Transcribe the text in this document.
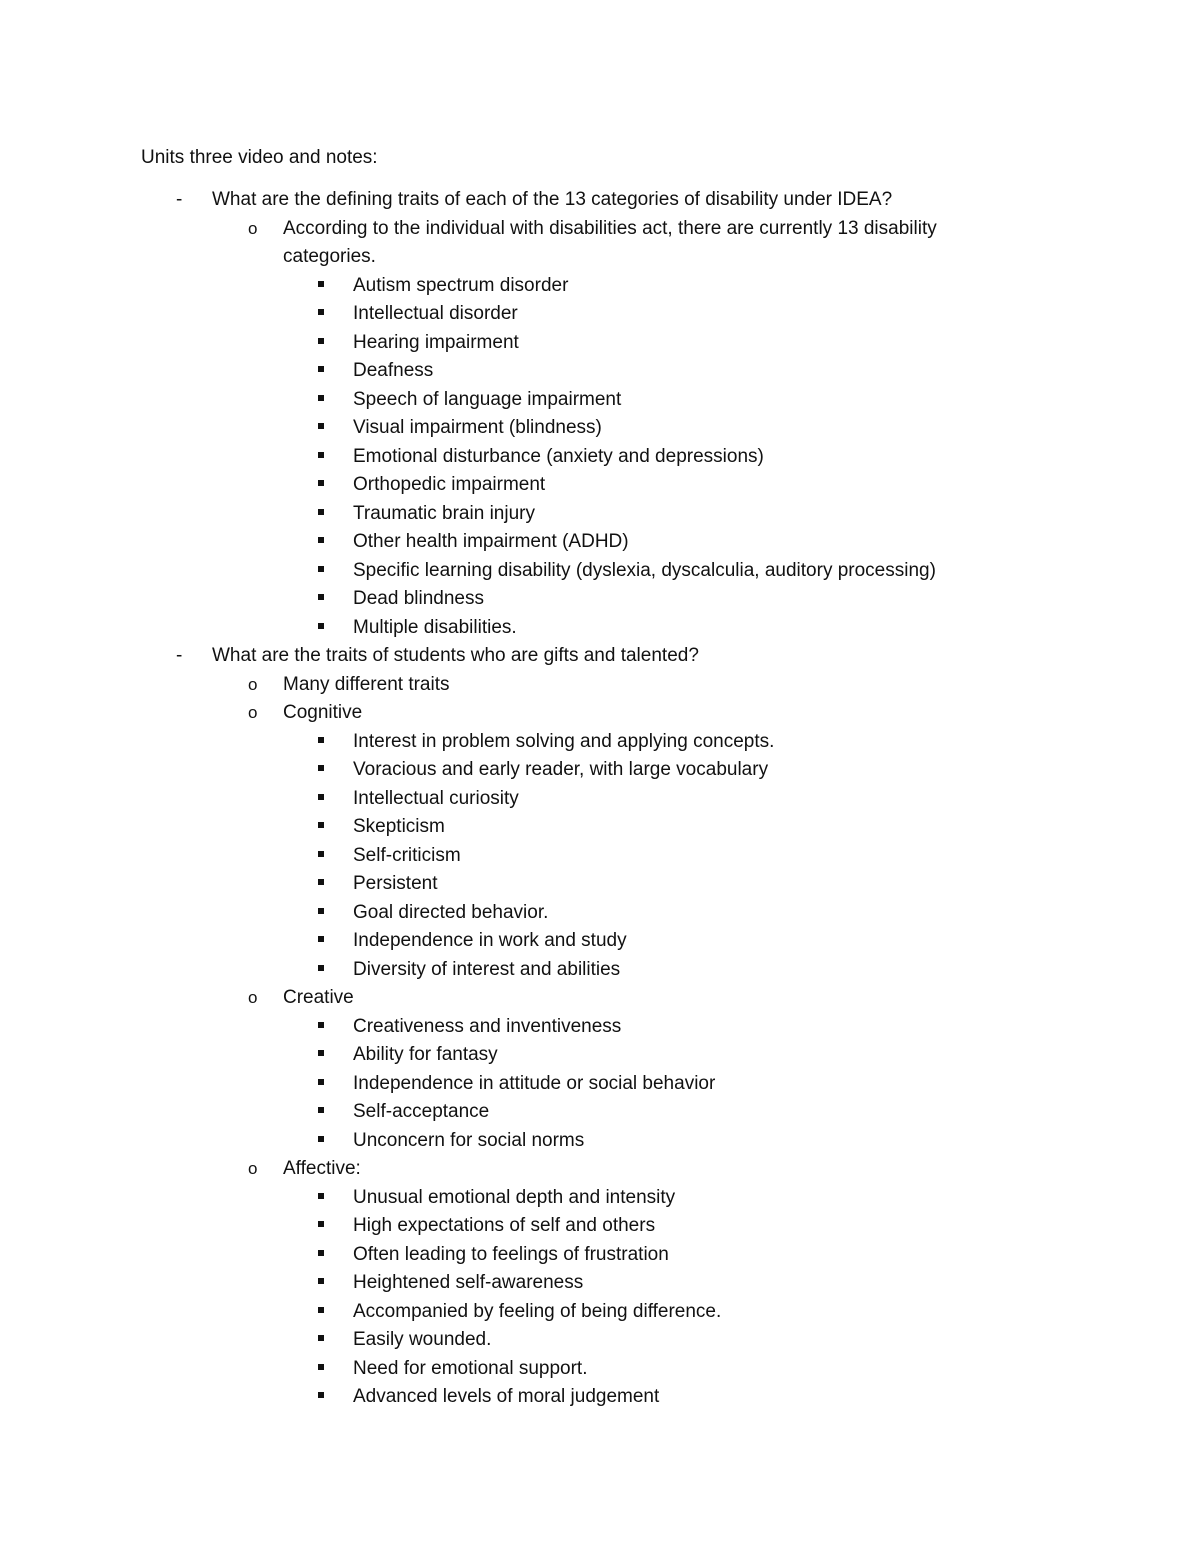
Units three video and notes:
-	What are the defining traits of each of the 13 categories of disability under IDEA?
o	According to the individual with disabilities act, there are currently 13 disability
categories.
Autism spectrum disorder
Intellectual disorder
Hearing impairment
Deafness
Speech of language impairment
Visual impairment (blindness)
Emotional disturbance (anxiety and depressions)
Orthopedic impairment
Traumatic brain injury
Other health impairment (ADHD)
Specific learning disability (dyslexia, dyscalculia, auditory processing)
Dead blindness
Multiple disabilities.
-	What are the traits of students who are gifts and talented?
o	Many different traits
o	Cognitive
Interest in problem solving and applying concepts.
Voracious and early reader, with large vocabulary
Intellectual curiosity
Skepticism
Self-criticism
Persistent
Goal directed behavior.
Independence in work and study
Diversity of interest and abilities
o	Creative
Creativeness and inventiveness
Ability for fantasy
Independence in attitude or social behavior
Self-acceptance
Unconcern for social norms
o	Affective:
Unusual emotional depth and intensity
High expectations of self and others
Often leading to feelings of frustration
Heightened self-awareness
Accompanied by feeling of being difference.
Easily wounded.
Need for emotional support.
Advanced levels of moral judgement
